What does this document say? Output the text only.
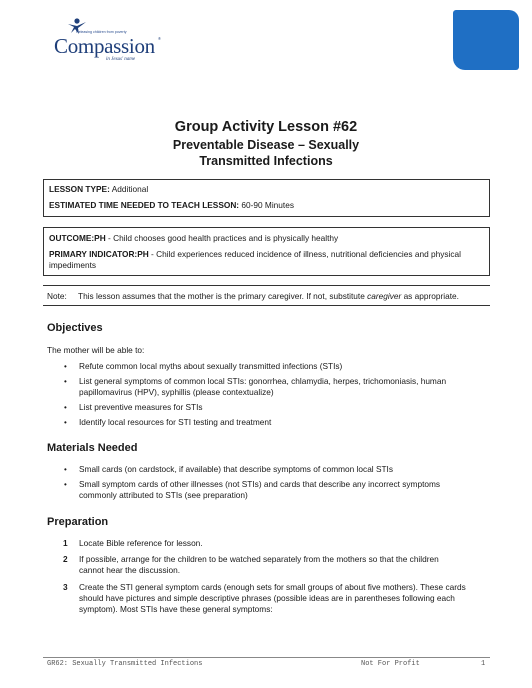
Releasing children from poverty
Compassion ®
in Jesus' name
Group Activity Lesson #62
Preventable Disease – Sexually
Transmitted Infections

LESSON TYPE: Additional

ESTIMATED TIME NEEDED TO TEACH LESSON: 60-90 Minutes

OUTCOME:PH - Child chooses good health practices and is physically healthy

PRIMARY INDICATOR:PH - Child experiences reduced incidence of illness, nutritional deficiencies and physical

impediments

Note: This lesson assumes that the mother is the primary caregiver. If not, substitute caregiver as appropriate.
Objectives
The mother will be able to:
• Refute common local myths about sexually transmitted infections (STIs)
• List general symptoms of common local STIs: gonorrhea, chlamydia, herpes, trichomoniasis, human
papillomavirus (HPV), syphillis (please contextualize)
• List preventive measures for STIs
• Identify local resources for STI testing and treatment
Materials Needed
• Small cards (on cardstock, if available) that describe symptoms of common local STIs
• Small symptom cards of other illnesses (not STIs) and cards that describe any incorrect symptoms
commonly attributed to STIs (see preparation)
Preparation
1 Locate Bible reference for lesson.
2 If possible, arrange for the children to be watched separately from the mothers so that the children
cannot hear the discussion.
3 Create the STI general symptom cards (enough sets for small groups of about five mothers). These cards
should have pictures and simple descriptive phrases (possible ideas are in parentheses following each
symptom). Most STIs have these general symptoms:
GR62: Sexually Transmitted Infections	Not For Profit	1
